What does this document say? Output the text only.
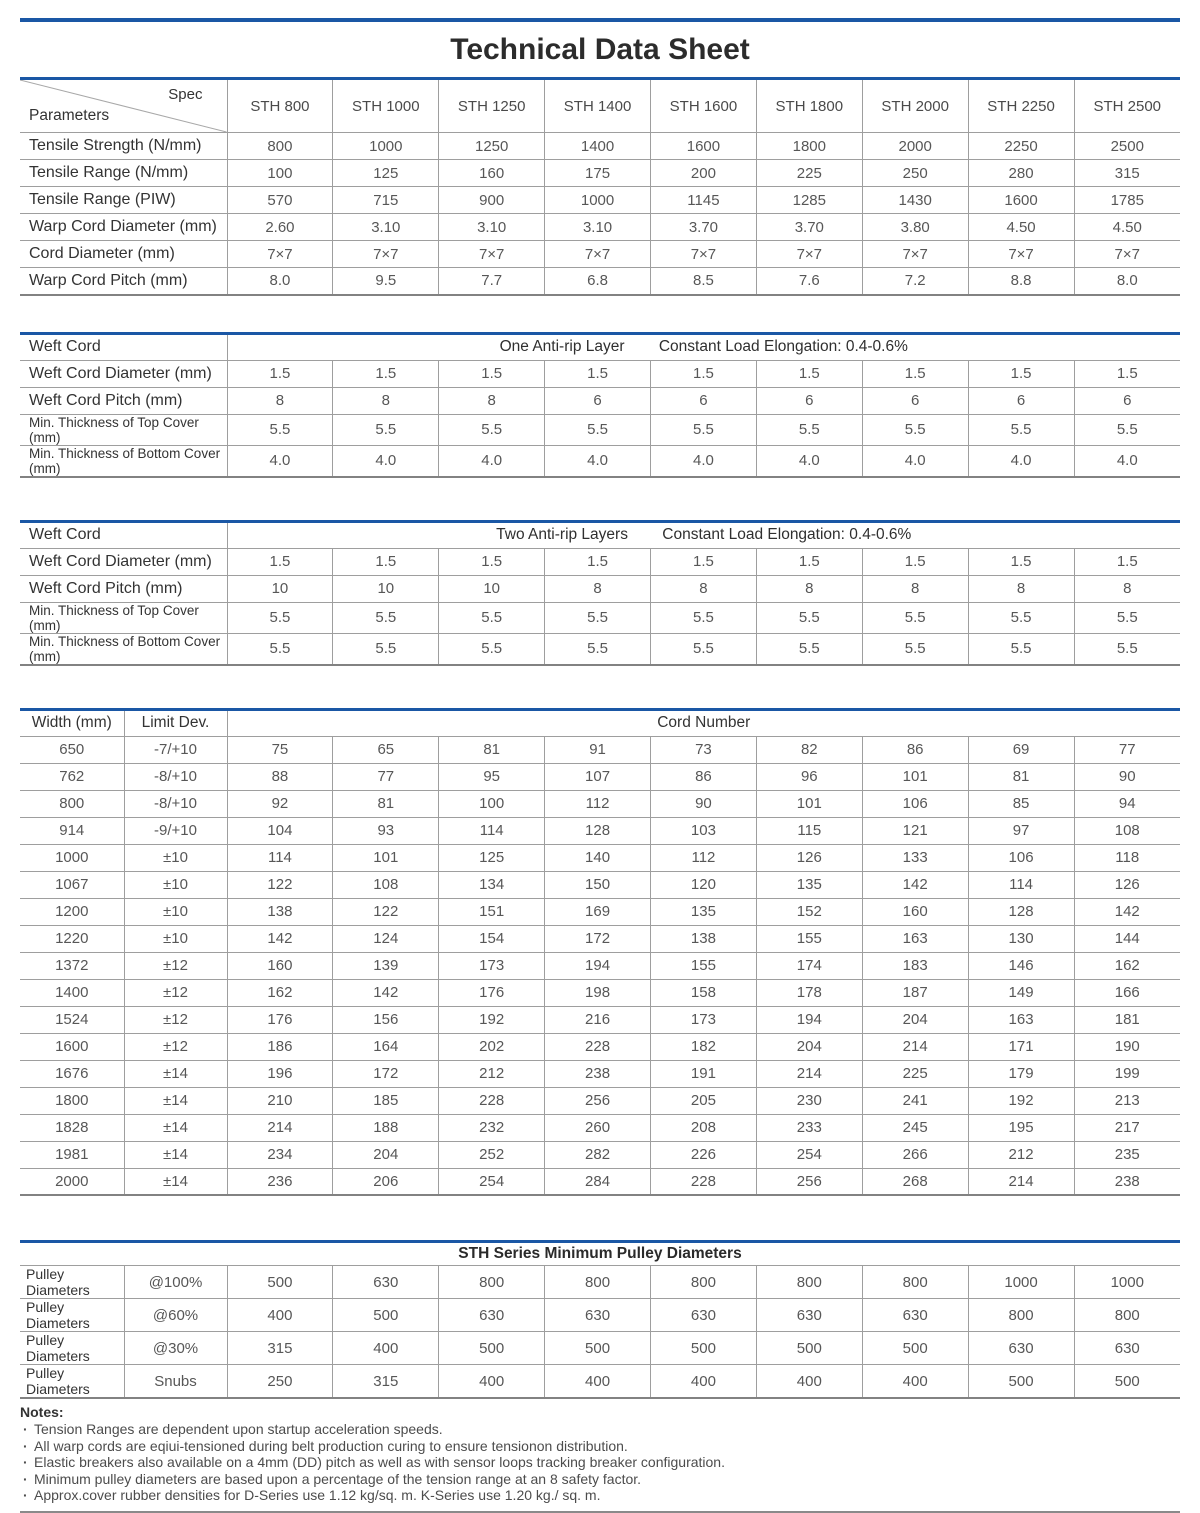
Technical Data Sheet
Spec
Parameters	STH 800	STH 1000	STH 1250	STH 1400	STH 1600	STH 1800	STH 2000	STH 2250	STH 2500
Tensile Strength (N/mm)	800	1000	1250	1400	1600	1800	2000	2250	2500
Tensile Range (N/mm)	100	125	160	175	200	225	250	280	315
Tensile Range (PIW)	570	715	900	1000	1145	1285	1430	1600	1785
Warp Cord Diameter (mm)	2.60	3.10	3.10	3.10	3.70	3.70	3.80	4.50	4.50
Cord Diameter (mm)	7×7	7×7	7×7	7×7	7×7	7×7	7×7	7×7	7×7
Warp Cord Pitch (mm)	8.0	9.5	7.7	6.8	8.5	7.6	7.2	8.8	8.0
Weft Cord	One Anti-rip Layer Constant Load Elongation: 0.4-0.6%								
Weft Cord Diameter (mm)	1.5	1.5	1.5	1.5	1.5	1.5	1.5	1.5	1.5
Weft Cord Pitch (mm)	8	8	8	6	6	6	6	6	6
Min. Thickness of Top Cover (mm)	5.5	5.5	5.5	5.5	5.5	5.5	5.5	5.5	5.5
Min. Thickness of Bottom Cover (mm)	4.0	4.0	4.0	4.0	4.0	4.0	4.0	4.0	4.0
Weft Cord	Two Anti-rip Layers Constant Load Elongation: 0.4-0.6%								
Weft Cord Diameter (mm)	1.5	1.5	1.5	1.5	1.5	1.5	1.5	1.5	1.5
Weft Cord Pitch (mm)	10	10	10	8	8	8	8	8	8
Min. Thickness of Top Cover (mm)	5.5	5.5	5.5	5.5	5.5	5.5	5.5	5.5	5.5
Min. Thickness of Bottom Cover (mm)	5.5	5.5	5.5	5.5	5.5	5.5	5.5	5.5	5.5
Width (mm)	Limit Dev.	Cord Number								
650	-7/+10	75	65	81	91	73	82	86	69	77
762	-8/+10	88	77	95	107	86	96	101	81	90
800	-8/+10	92	81	100	112	90	101	106	85	94
914	-9/+10	104	93	114	128	103	115	121	97	108
1000	±10	114	101	125	140	112	126	133	106	118
1067	±10	122	108	134	150	120	135	142	114	126
1200	±10	138	122	151	169	135	152	160	128	142
1220	±10	142	124	154	172	138	155	163	130	144
1372	±12	160	139	173	194	155	174	183	146	162
1400	±12	162	142	176	198	158	178	187	149	166
1524	±12	176	156	192	216	173	194	204	163	181
1600	±12	186	164	202	228	182	204	214	171	190
1676	±14	196	172	212	238	191	214	225	179	199
1800	±14	210	185	228	256	205	230	241	192	213
1828	±14	214	188	232	260	208	233	245	195	217
1981	±14	234	204	252	282	226	254	266	212	235
2000	±14	236	206	254	284	228	256	268	214	238
STH Series Minimum Pulley Diameters										
Pulley Diameters	@100%	500	630	800	800	800	800	800	1000	1000
Pulley Diameters	@60%	400	500	630	630	630	630	630	800	800
Pulley Diameters	@30%	315	400	500	500	500	500	500	630	630
Pulley Diameters	Snubs	250	315	400	400	400	400	400	500	500
Notes:
· Tension Ranges are dependent upon startup acceleration speeds.
· All warp cords are eqiui-tensioned during belt production curing to ensure tensionon distribution.
· Elastic breakers also available on a 4mm (DD) pitch as well as with sensor loops tracking breaker configuration.
· Minimum pulley diameters are based upon a percentage of the tension range at an 8 safety factor.
· Approx.cover rubber densities for D-Series use 1.12 kg/sq. m. K-Series use 1.20 kg./ sq. m.
